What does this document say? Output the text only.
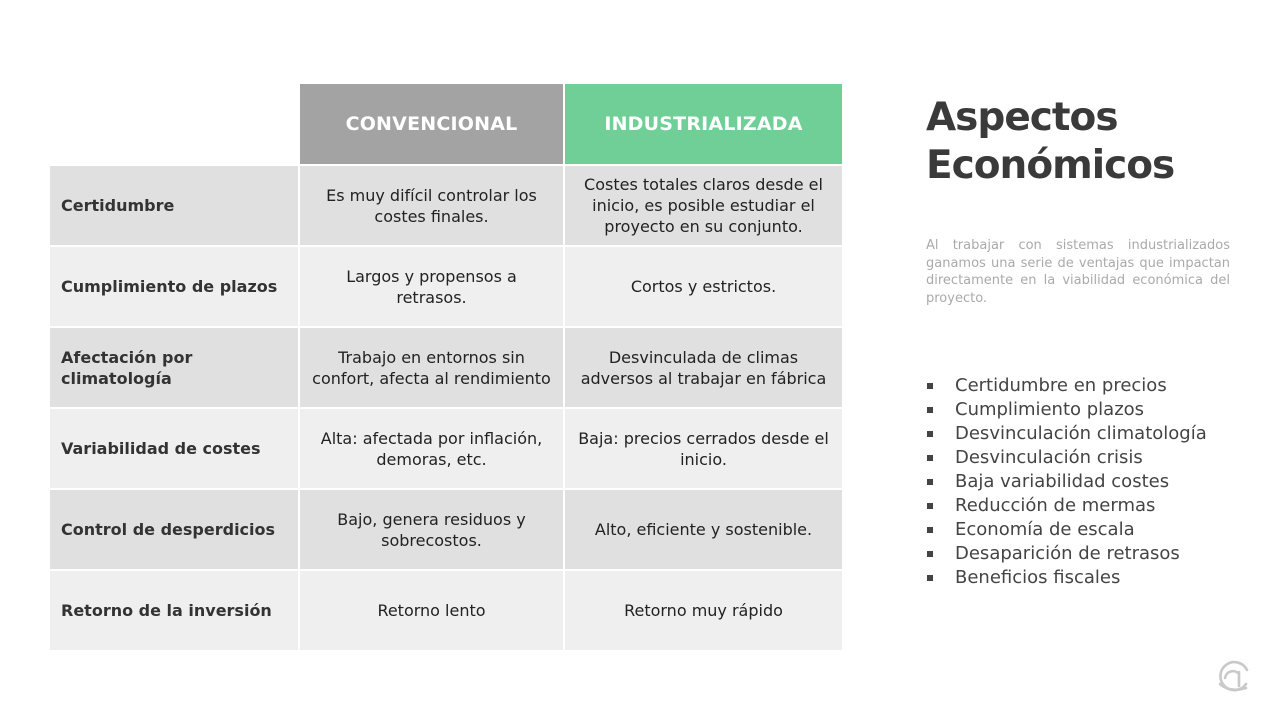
	CONVENCIONAL	INDUSTRIALIZADA
Certidumbre	Es muy difícil controlar los costes finales.	Costes totales claros desde el inicio, es posible estudiar el proyecto en su conjunto.
Cumplimiento de plazos	Largos y propensos a retrasos.	Cortos y estrictos.
Afectación por climatología	Trabajo en entornos sin confort, afecta al rendimiento	Desvinculada de climas adversos al trabajar en fábrica
Variabilidad de costes	Alta: afectada por inflación, demoras, etc.	Baja: precios cerrados desde el inicio.
Control de desperdicios	Bajo, genera residuos y sobrecostos.	Alto, eficiente y sostenible.
Retorno de la inversión	Retorno lento	Retorno muy rápido
Aspectos
Económicos

Al trabajar con sistemas industrializados ganamos una serie de ventajas que impactan directamente en la viabilidad económica del proyecto.

Certidumbre en precios
Cumplimiento plazos
Desvinculación climatología
Desvinculación crisis
Baja variabilidad costes
Reducción de mermas
Economía de escala
Desaparición de retrasos
Beneficios fiscales
